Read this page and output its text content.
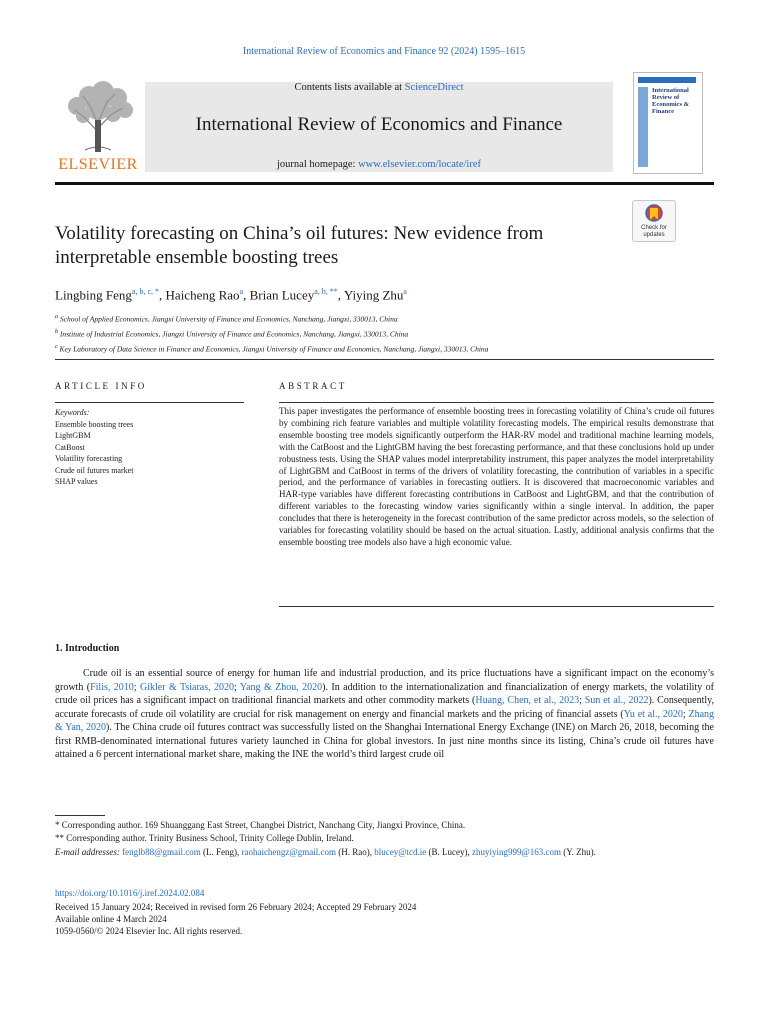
International Review of Economics and Finance 92 (2024) 1595–1615
ELSEVIER
Contents lists available at ScienceDirect
International Review of Economics and Finance
journal homepage: www.elsevier.com/locate/iref
International Review of Economics & Finance
Volatility forecasting on China’s oil futures: New evidence from interpretable ensemble boosting trees
Check for updates
Lingbing Feng$^{a, b, c, *}$, Haicheng Rao$^a$, Brian Lucey$^{a, b, **}$, Yiying Zhu$^a$
$^a$ School of Applied Economics, Jiangxi University of Finance and Economics, Nanchang, Jiangxi, 330013, China
$^b$ Institute of Industrial Economics, Jiangxi University of Finance and Economics, Nanchang, Jiangxi, 330013, China
$^c$ Key Laboratory of Data Science in Finance and Economics, Jiangxi University of Finance and Economics, Nanchang, Jiangxi, 330013, China
ARTICLE INFO	ABSTRACT
Keywords:
Ensemble boosting trees
LightGBM
CatBoost
Volatility forecasting
Crude oil futures market
SHAP values
This paper investigates the performance of ensemble boosting trees in forecasting volatility of China’s crude oil futures by combining rich feature variables and multiple volatility forecasting models. The empirical results demonstrate that ensemble boosting tree models significantly outperform the HAR-RV model and traditional machine learning models, with the CatBoost and the LightGBM having the best forecasting performance, and that these conclusions hold up under robustness tests. Using the SHAP values model interpretability instrument, this paper analyzes the model interpretability of LightGBM and CatBoost in terms of the drivers of volatility forecasting, the contribution of variables in a specific period, and the performance of variables in forecasting outliers. It is discovered that macroeconomic variables and HAR-type variables have different forecasting contributions in CatBoost and LightGBM, and that the contribution of different variables to the forecasting window varies significantly within a single interval. In addition, the paper concludes that there is heterogeneity in the forecast contribution of the same predictor across models, so the selection of variables for forecasting volatility should be based on the actual situation. Lastly, additional analysis confirms that the ensemble boosting tree models also have a high economic value.
1. Introduction
Crude oil is an essential source of energy for human life and industrial production, and its price fluctuations have a significant impact on the economy’s growth (Filis, 2010; Gikler & Tsiaras, 2020; Yang & Zhou, 2020). In addition to the internationalization and financialization of energy markets, the volatility of crude oil prices has a significant impact on traditional financial markets and other commodity markets (Huang, Chen, et al., 2023; Sun et al., 2022). Consequently, accurate forecasts of crude oil volatility are crucial for risk management on energy and financial markets and the pricing of financial assets (Yu et al., 2020; Zhang & Yan, 2020). The China crude oil futures contract was successfully listed on the Shanghai International Energy Exchange (INE) on March 26, 2018, becoming the first RMB-denominated international futures variety launched in China for global investors. In just nine months since its listing, China’s crude oil futures have attained a 6 percent international market share, making the INE the world’s third largest crude oil
* Corresponding author. 169 Shuanggang East Street, Changbei District, Nanchang City, Jiangxi Province, China.
** Corresponding author. Trinity Business School, Trinity College Dublin, Ireland.
E-mail addresses: fenglb88@gmail.com (L. Feng), raohaichengz@gmail.com (H. Rao), blucey@tcd.ie (B. Lucey), zhuyiying999@163.com (Y. Zhu).
https://doi.org/10.1016/j.iref.2024.02.084
Received 15 January 2024; Received in revised form 26 February 2024; Accepted 29 February 2024
Available online 4 March 2024
1059-0560/© 2024 Elsevier Inc. All rights reserved.
